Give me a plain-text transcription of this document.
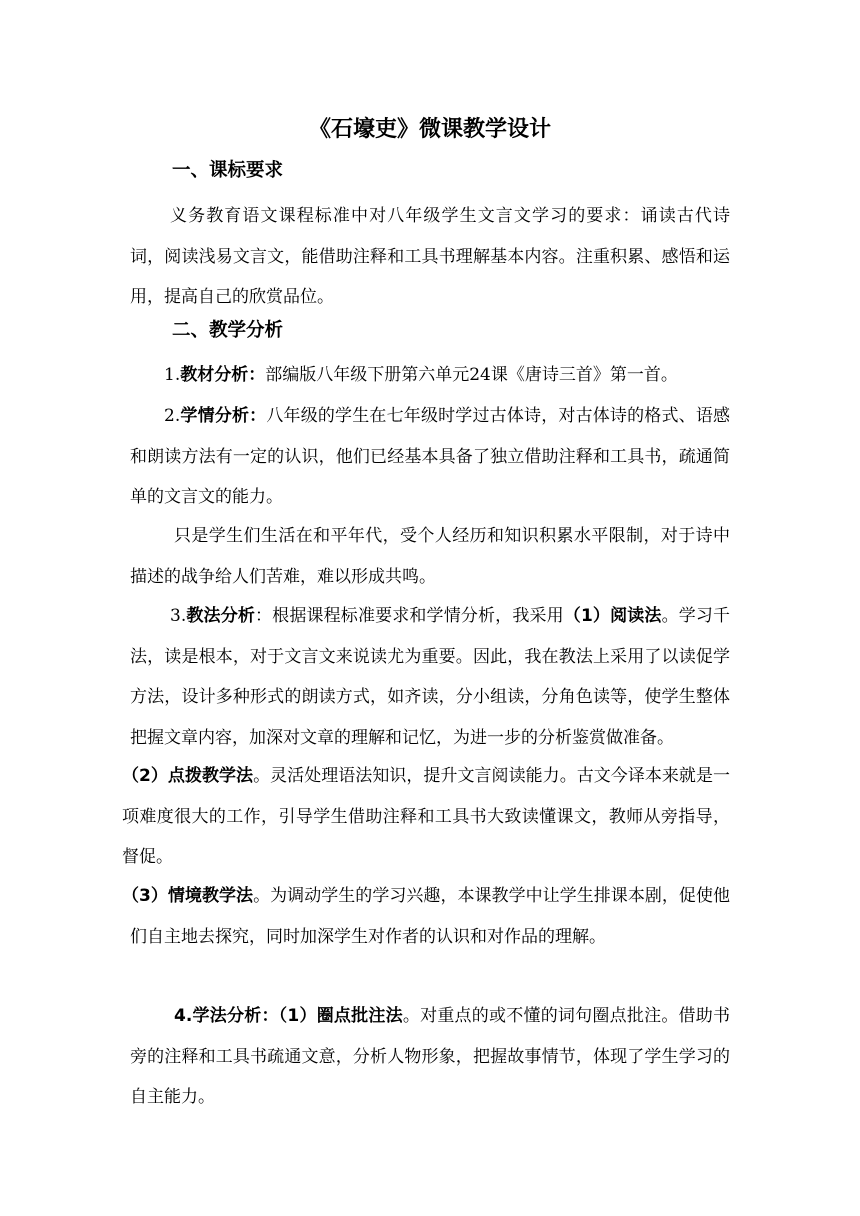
《石壕吏》微课教学设计
一、课标要求
义务教育语文课程标准中对八年级学生文言文学习的要求：诵读古代诗词，阅读浅易文言文，能借助注释和工具书理解基本内容。注重积累、感悟和运用，提高自己的欣赏品位。
二、教学分析
1.教材分析：部编版八年级下册第六单元24课《唐诗三首》第一首。
2.学情分析：八年级的学生在七年级时学过古体诗，对古体诗的格式、语感和朗读方法有一定的认识，他们已经基本具备了独立借助注释和工具书，疏通简单的文言文的能力。
只是学生们生活在和平年代，受个人经历和知识积累水平限制，对于诗中描述的战争给人们苦难，难以形成共鸣。
3.教法分析：根据课程标准要求和学情分析，我采用（1）阅读法。学习千法，读是根本，对于文言文来说读尤为重要。因此，我在教法上采用了以读促学方法，设计多种形式的朗读方式，如齐读，分小组读，分角色读等，使学生整体把握文章内容，加深对文章的理解和记忆，为进一步的分析鉴赏做准备。
（2）点拨教学法。灵活处理语法知识，提升文言阅读能力。古文今译本来就是一项难度很大的工作，引导学生借助注释和工具书大致读懂课文，教师从旁指导，督促。
（3）情境教学法。为调动学生的学习兴趣，本课教学中让学生排课本剧，促使他们自主地去探究，同时加深学生对作者的认识和对作品的理解。
4.学法分析：（1）圈点批注法。对重点的或不懂的词句圈点批注。借助书旁的注释和工具书疏通文意，分析人物形象，把握故事情节，体现了学生学习的自主能力。
